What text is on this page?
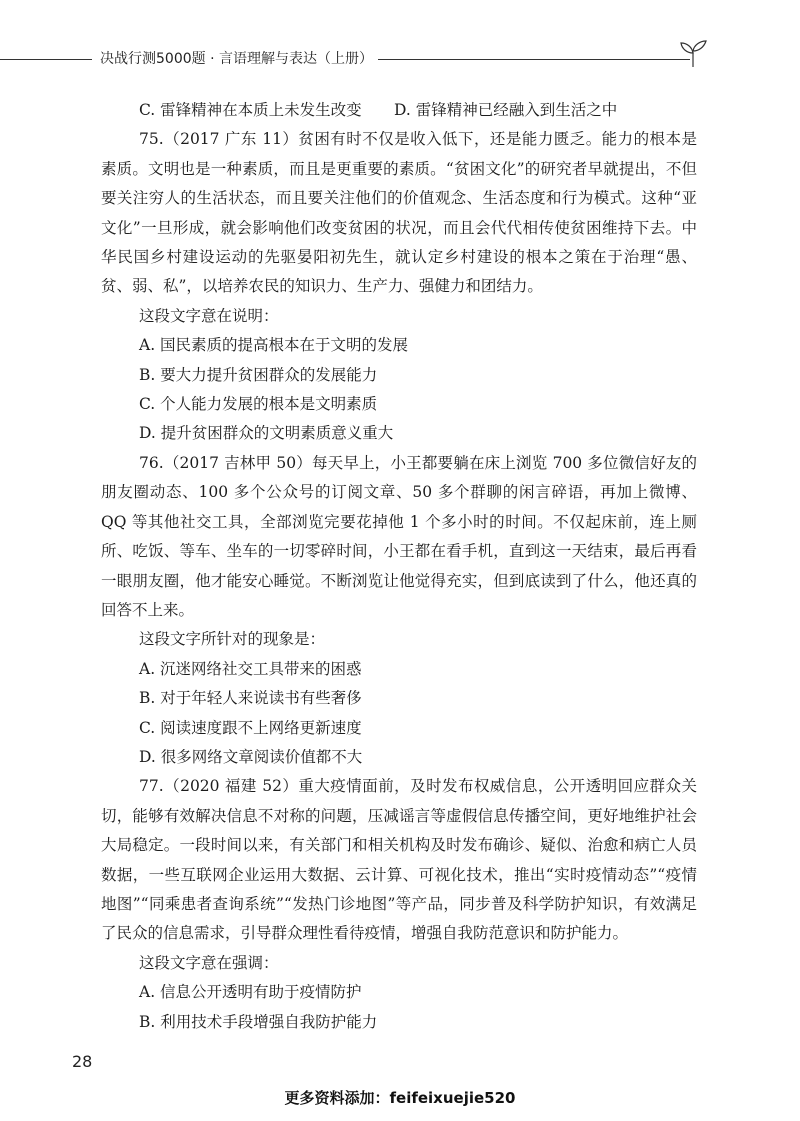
决战行测5000题 · 言语理解与表达（上册）

C. 雷锋精神在本质上未发生改变 D. 雷锋精神已经融入到生活之中

75.（2017 广东 11）贫困有时不仅是收入低下，还是能力匮乏。能力的根本是素质。文明也是一种素质，而且是更重要的素质。“贫困文化”的研究者早就提出，不但要关注穷人的生活状态，而且要关注他们的价值观念、生活态度和行为模式。这种“亚文化”一旦形成，就会影响他们改变贫困的状况，而且会代代相传使贫困维持下去。中华民国乡村建设运动的先驱晏阳初先生，就认定乡村建设的根本之策在于治理“愚、贫、弱、私”，以培养农民的知识力、生产力、强健力和团结力。

这段文字意在说明：

A. 国民素质的提高根本在于文明的发展

B. 要大力提升贫困群众的发展能力

C. 个人能力发展的根本是文明素质

D. 提升贫困群众的文明素质意义重大

76.（2017 吉林甲 50）每天早上，小王都要躺在床上浏览 700 多位微信好友的朋友圈动态、100 多个公众号的订阅文章、50 多个群聊的闲言碎语，再加上微博、QQ 等其他社交工具，全部浏览完要花掉他 1 个多小时的时间。不仅起床前，连上厕所、吃饭、等车、坐车的一切零碎时间，小王都在看手机，直到这一天结束，最后再看一眼朋友圈，他才能安心睡觉。不断浏览让他觉得充实，但到底读到了什么，他还真的回答不上来。

这段文字所针对的现象是：

A. 沉迷网络社交工具带来的困惑

B. 对于年轻人来说读书有些奢侈

C. 阅读速度跟不上网络更新速度

D. 很多网络文章阅读价值都不大

77.（2020 福建 52）重大疫情面前，及时发布权威信息，公开透明回应群众关切，能够有效解决信息不对称的问题，压减谣言等虚假信息传播空间，更好地维护社会大局稳定。一段时间以来，有关部门和相关机构及时发布确诊、疑似、治愈和病亡人员数据，一些互联网企业运用大数据、云计算、可视化技术，推出“实时疫情动态”“疫情地图”“同乘患者查询系统”“发热门诊地图”等产品，同步普及科学防护知识，有效满足了民众的信息需求，引导群众理性看待疫情，增强自我防范意识和防护能力。

这段文字意在强调：

A. 信息公开透明有助于疫情防护

B. 利用技术手段增强自我防护能力

28
更多资料添加：feifeixuejie520
